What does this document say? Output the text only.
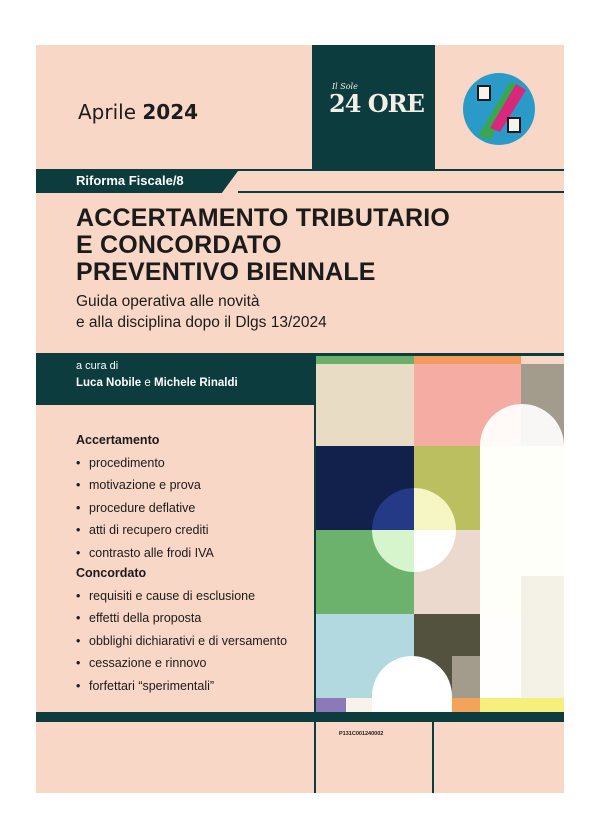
Aprile 2024
Il Sole
24 ORE
Riforma Fiscale/8
ACCERTAMENTO TRIBUTARIO
E CONCORDATO
PREVENTIVO BIENNALE
Guida operativa alle novità
e alla disciplina dopo il Dlgs 13/2024
a cura di
Luca Nobile e Michele Rinaldi
Accertamento
• procedimento
• motivazione e prova
• procedure deflative
• atti di recupero crediti
• contrasto alle frodi IVA
Concordato
• requisiti e cause di esclusione
• effetti della proposta
• obblighi dichiarativi e di versamento
• cessazione e rinnovo
• forfettari “sperimentali”
P131C001240002
